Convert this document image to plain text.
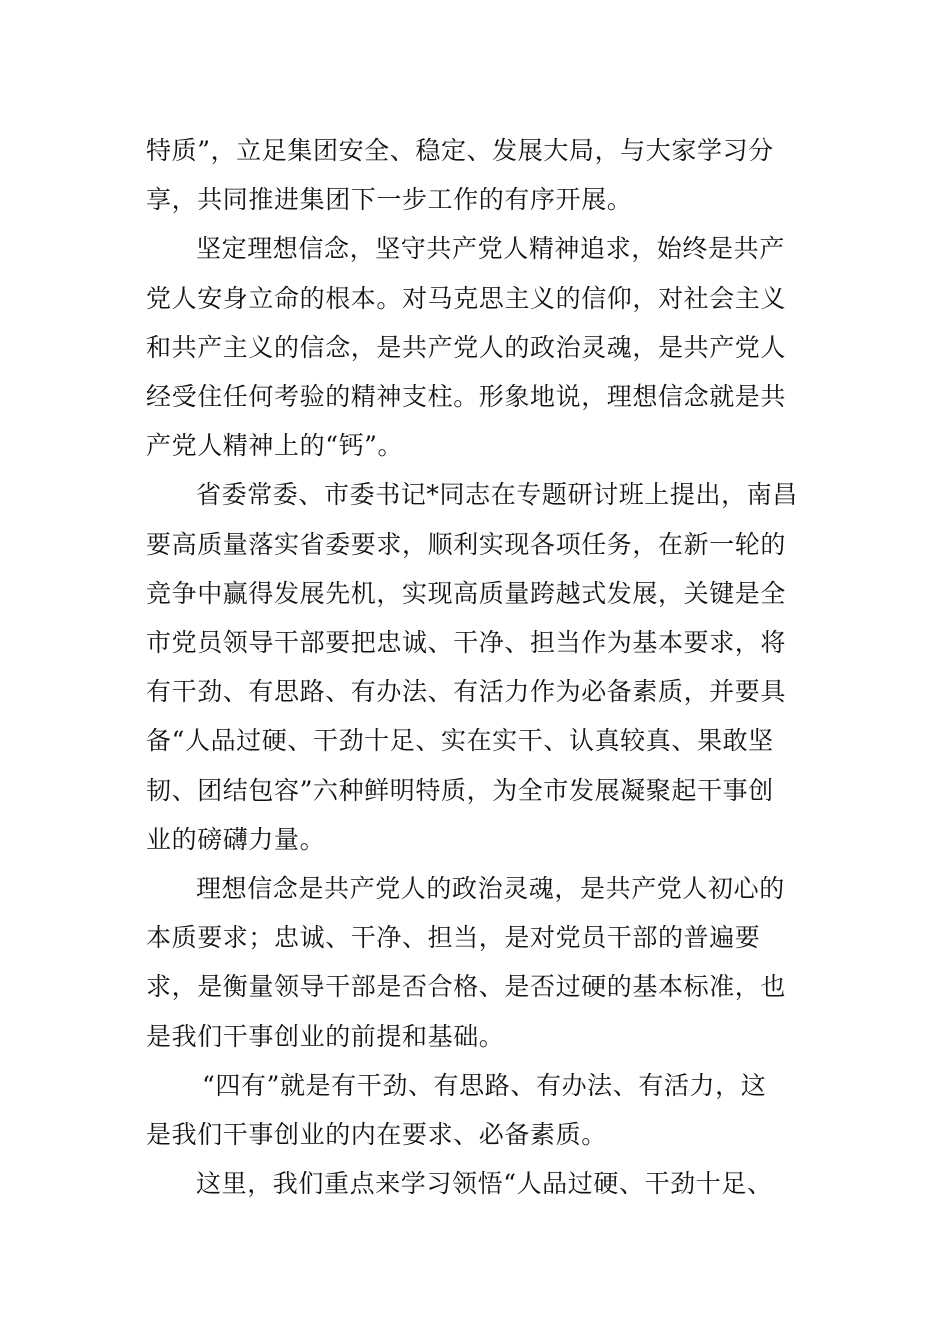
特质”，立足集团安全、稳定、发展大局，与大家学习分
享，共同推进集团下一步工作的有序开展。
坚定理想信念，坚守共产党人精神追求，始终是共产
党人安身立命的根本。对马克思主义的信仰，对社会主义
和共产主义的信念，是共产党人的政治灵魂，是共产党人
经受住任何考验的精神支柱。形象地说，理想信念就是共
产党人精神上的“钙”。
省委常委、市委书记*同志在专题研讨班上提出，南昌
要高质量落实省委要求，顺利实现各项任务，在新一轮的
竞争中赢得发展先机，实现高质量跨越式发展，关键是全
市党员领导干部要把忠诚、干净、担当作为基本要求，将
有干劲、有思路、有办法、有活力作为必备素质，并要具
备“人品过硬、干劲十足、实在实干、认真较真、果敢坚
韧、团结包容”六种鲜明特质，为全市发展凝聚起干事创
业的磅礴力量。
理想信念是共产党人的政治灵魂，是共产党人初心的
本质要求；忠诚、干净、担当，是对党员干部的普遍要
求，是衡量领导干部是否合格、是否过硬的基本标准，也
是我们干事创业的前提和基础。
“四有”就是有干劲、有思路、有办法、有活力，这
是我们干事创业的内在要求、必备素质。
这里，我们重点来学习领悟“人品过硬、干劲十足、
